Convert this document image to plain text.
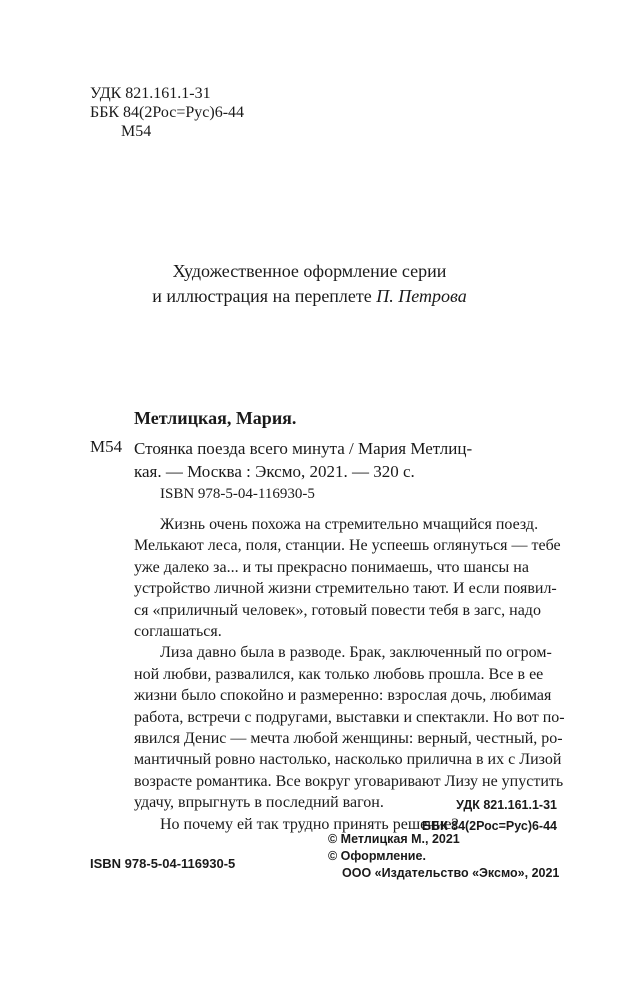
УДК 821.161.1-31
ББК 84(2Рос=Рус)6-44
М54
Художественное оформление серии
и иллюстрация на переплете П. Петрова
Метлицкая, Мария.
М54 Стоянка поезда всего минута / Мария Метлиц-
кая. — Москва : Эксмо, 2021. — 320 с.
ISBN 978-5-04-116930-5
Жизнь очень похожа на стремительно мчащийся поезд.
Мелькают леса, поля, станции. Не успеешь оглянуться — тебе
уже далеко за... и ты прекрасно понимаешь, что шансы на
устройство личной жизни стремительно тают. И если появил-
ся «приличный человек», готовый повести тебя в загс, надо
соглашаться.
Лиза давно была в разводе. Брак, заключенный по огром-
ной любви, развалился, как только любовь прошла. Все в ее
жизни было спокойно и размеренно: взрослая дочь, любимая
работа, встречи с подругами, выставки и спектакли. Но вот по-
явился Денис — мечта любой женщины: верный, честный, ро-
мантичный ровно настолько, насколько прилична в их с Лизой
возрасте романтика. Все вокруг уговаривают Лизу не упустить
удачу, впрыгнуть в последний вагон.
Но почему ей так трудно принять решение?
УДК 821.161.1-31
ББК 84(2Рос=Рус)6-44
ISBN 978-5-04-116930-5
© Метлицкая М., 2021
© Оформление.
ООО «Издательство «Эксмо», 2021
